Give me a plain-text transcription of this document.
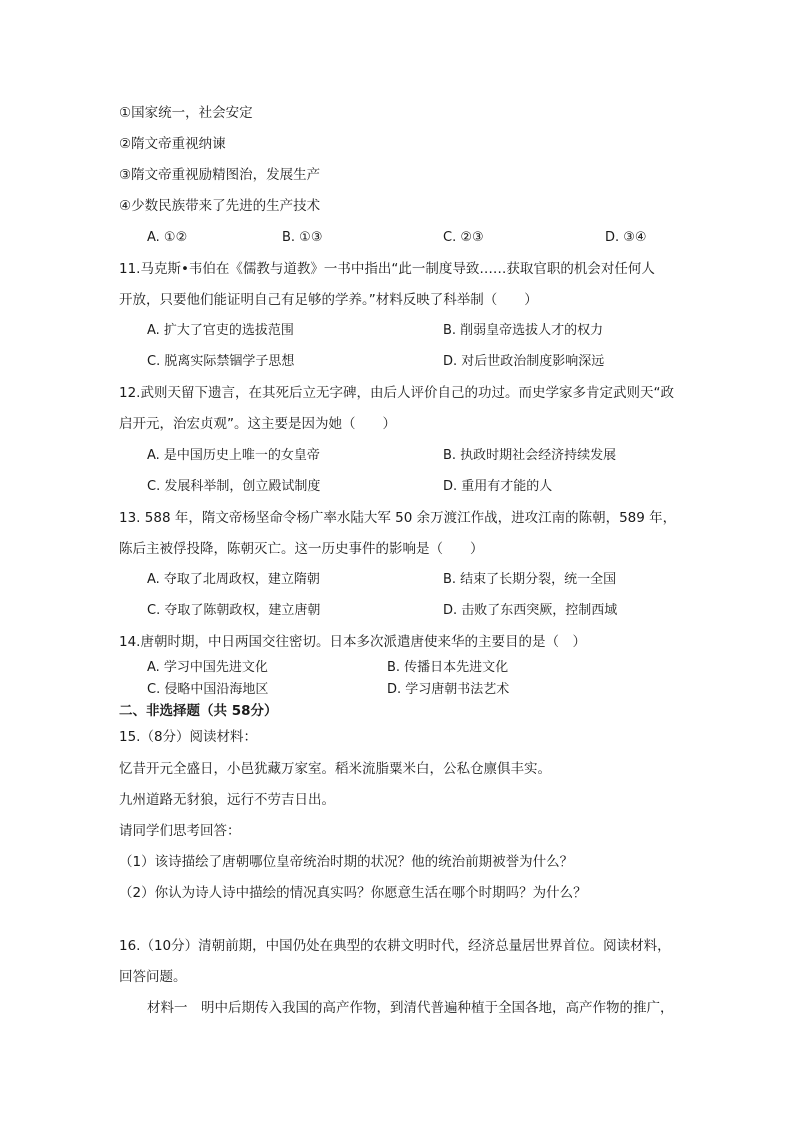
①国家统一，社会安定
②隋文帝重视纳谏
③隋文帝重视励精图治，发展生产
④少数民族带来了先进的生产技术
A. ①②	B. ①③	C. ②③	D. ③④
11.马克斯•韦伯在《儒教与道教》一书中指出“此一制度导致……获取官职的机会对任何人
开放，只要他们能证明自己有足够的学养。”材料反映了科举制（　　）
A. 扩大了官吏的选拔范围	B. 削弱皇帝选拔人才的权力
C. 脱离实际禁锢学子思想	D. 对后世政治制度影响深远
12.武则天留下遗言，在其死后立无字碑，由后人评价自己的功过。而史学家多肯定武则天“政
启开元，治宏贞观”。这主要是因为她（　　）
A. 是中国历史上唯一的女皇帝	B. 执政时期社会经济持续发展
C. 发展科举制，创立殿试制度	D. 重用有才能的人
13. 588 年，隋文帝杨坚命令杨广率水陆大军 50 余万渡江作战，进攻江南的陈朝，589 年，
陈后主被俘投降，陈朝灭亡。这一历史事件的影响是（　　）
A. 夺取了北周政权，建立隋朝	B. 结束了长期分裂，统一全国
C. 夺取了陈朝政权，建立唐朝	D. 击败了东西突厥，控制西域
14.唐朝时期，中日两国交往密切。日本多次派遣唐使来华的主要目的是（　）
A. 学习中国先进文化	B. 传播日本先进文化
C. 侵略中国沿海地区	D. 学习唐朝书法艺术
二、非选择题（共 58分）
15.（8分）阅读材料：
忆昔开元全盛日，小邑犹藏万家室。稻米流脂粟米白，公私仓廪俱丰实。
九州道路无豺狼，远行不劳吉日出。
请同学们思考回答：
（1）该诗描绘了唐朝哪位皇帝统治时期的状况？他的统治前期被誉为什么？
（2）你认为诗人诗中描绘的情况真实吗？你愿意生活在哪个时期吗？为什么？
16.（10分）清朝前期，中国仍处在典型的农耕文明时代，经济总量居世界首位。阅读材料，
回答问题。
材料一　明中后期传入我国的高产作物，到清代普遍种植于全国各地，高产作物的推广，
